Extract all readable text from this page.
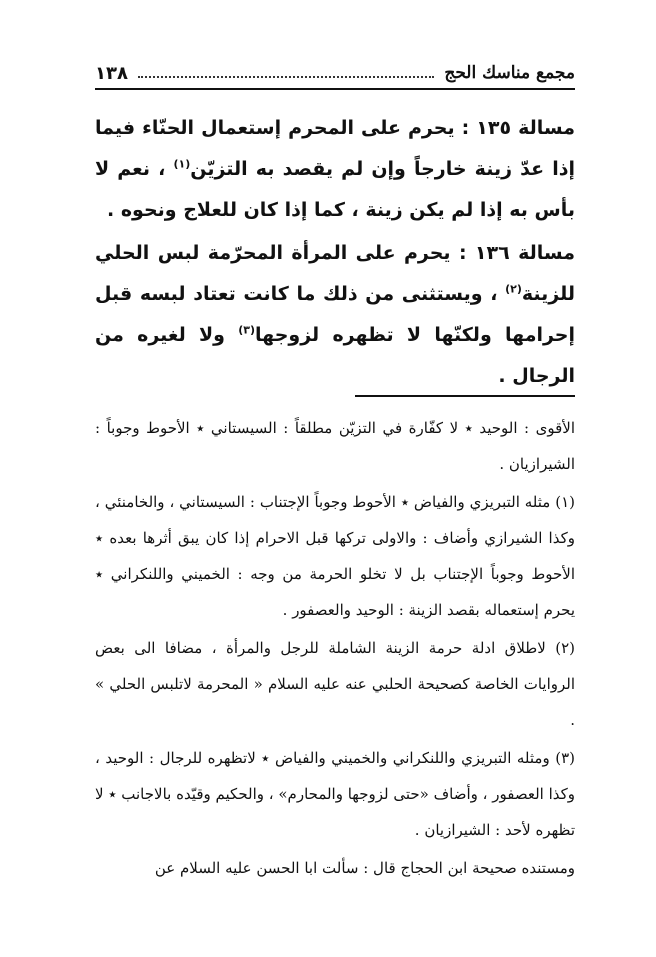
١٣٨	مجمع مناسك الحج

مسالة ١٣٥ : يحرم على المحرم إستعمال الحنّاء فيما إذا عدّ زينة خارجاً وإن لم يقصد به التزيّن$^{(١)}$ ، نعم لا بأس به إذا لم يكن زينة ، كما إذا كان للعلاج ونحوه .

مسالة ١٣٦ : يحرم على المرأة المحرّمة لبس الحلي للزينة$^{(٢)}$ ، ويستثنى من ذلك ما كانت تعتاد لبسه قبل إحرامها ولكنّها لا تظهره لزوجها$^{(٣)}$ ولا لغيره من الرجال .

الأقوى : الوحيد ٭ لا كفّارة في التزيّن مطلقاً : السيستاني ٭ الأحوط وجوباً : الشيرازيان .

(١) مثله التبريزي والفياض ٭ الأحوط وجوباً الإجتناب : السيستاني ، والخامنئي ، وكذا الشيرازي وأضاف : والاولى تركها قبل الاحرام إذا كان يبق أثرها بعده ٭ الأحوط وجوباً الإجتناب بل لا تخلو الحرمة من وجه : الخميني واللنكراني ٭ يحرم إستعماله بقصد الزينة : الوحيد والعصفور .

(٢) لاطلاق ادلة حرمة الزينة الشاملة للرجل والمرأة ، مضافا الى بعض الروايات الخاصة كصحيحة الحلبي عنه عليه السلام « المحرمة لاتلبس الحلي » .

(٣) ومثله التبريزي واللنكراني والخميني والفياض ٭ لاتظهره للرجال : الوحيد ، وكذا العصفور ، وأضاف «حتى لزوجها والمحارم» ، والحكيم وقيّده بالاجانب ٭ لا تظهره لأحد : الشيرازيان .

ومستنده صحيحة ابن الحجاج قال : سألت ابا الحسن عليه السلام عن
